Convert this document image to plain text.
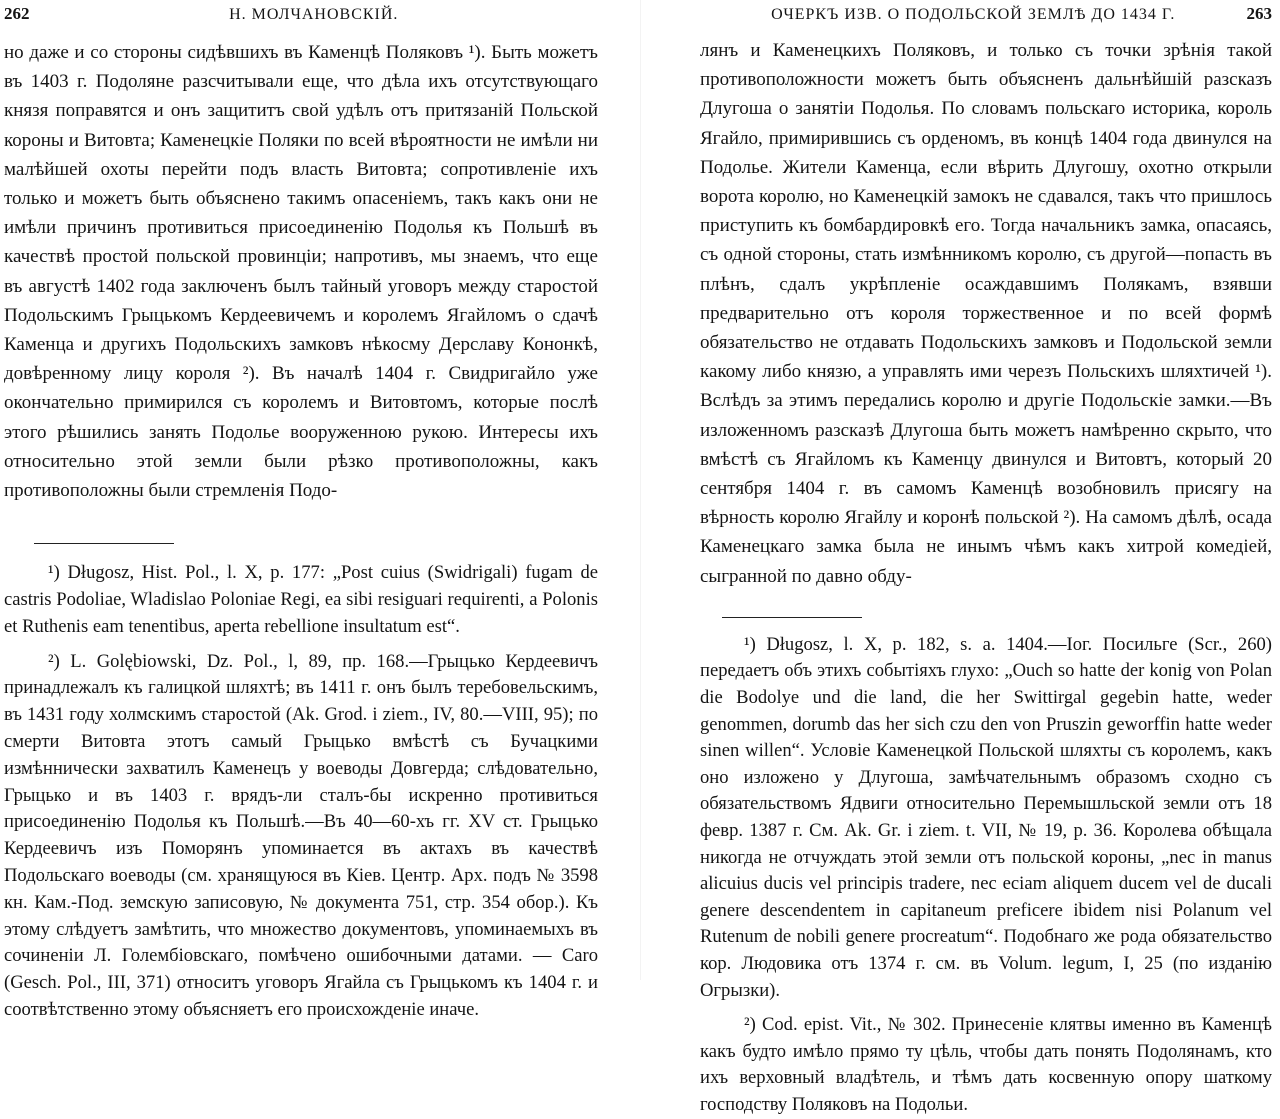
262	Н. МОЛЧАНОВСКІЙ.

но даже и со стороны сидѣвшихъ въ Каменцѣ Поляковъ ¹). Быть можетъ въ 1403 г. Подоляне разсчитывали еще, что дѣла ихъ отсутствующаго князя поправятся и онъ защититъ свой удѣлъ отъ притязаній Польской короны и Витовта; Каменецкіе Поляки по всей вѣроятности не имѣли ни малѣйшей охоты перейти подъ власть Витовта; сопротивленіе ихъ только и можетъ быть объяснено такимъ опасеніемъ, такъ какъ они не имѣли причинъ противиться присоединенію Подолья къ Польшѣ въ качествѣ простой польской провинціи; напротивъ, мы знаемъ, что еще въ августѣ 1402 года заключенъ былъ тайный уговоръ между старостой Подольскимъ Грыцькомъ Кердеевичемъ и королемъ Ягайломъ о сдачѣ Каменца и другихъ Подольскихъ замковъ нѣкосму Дерславу Кононкѣ, довѣренному лицу короля ²). Въ началѣ 1404 г. Свидригайло уже окончательно примирился съ королемъ и Витовтомъ, которые послѣ этого рѣшились занять Подолье вооруженною рукою. Интересы ихъ относительно этой земли были рѣзко противоположны, какъ противоположны были стремленія Подо-

¹) Długosz, Hist. Pol., l. X, p. 177: „Post cuius (Swidrigali) fugam de castris Podoliae, Wladislao Poloniae Regi, ea sibi resiguari requirenti, a Polonis et Ruthenis eam tenentibus, aperta rebellione insultatum est“.

²) L. Golębiowski, Dz. Pol., l, 89, пр. 168.—Грыцько Кердеевичъ принадлежалъ къ галицкой шляхтѣ; въ 1411 г. онъ былъ теребовельскимъ, въ 1431 году холмскимъ старостой (Ak. Grod. i ziem., IV, 80.—VIII, 95); по смерти Витовта этотъ самый Грыцько вмѣстѣ съ Бучацкими измѣннически захватилъ Каменецъ у воеводы Довгерда; слѣдовательно, Грыцько и въ 1403 г. врядъ-ли сталъ-бы искренно противиться присоединенію Подолья къ Польшѣ.—Въ 40—60-хъ гг. XV ст. Грыцько Кердеевичъ изъ Поморянъ упоминается въ актахъ въ качествѣ Подольскаго воеводы (см. хранящуюся въ Кіев. Центр. Арх. подъ № 3598 кн. Кам.-Под. земскую записовую, № документа 751, стр. 354 обор.). Къ этому слѣдуетъ замѣтить, что множество документовъ, упоминаемыхъ въ сочиненіи Л. Голембіовскаго, помѣчено ошибочными датами. — Caro (Gesch. Pol., III, 371) относитъ уговоръ Ягайла съ Грыцькомъ къ 1404 г. и соотвѣтственно этому объясняетъ его происхожденіе иначе.

ОЧЕРКЪ ИЗВ. О ПОДОЛЬСКОЙ ЗЕМЛѢ ДО 1434 Г.	263

лянъ и Каменецкихъ Поляковъ, и только съ точки зрѣнія такой противоположности можетъ быть объясненъ дальнѣйшій разсказъ Длугоша о занятіи Подолья. По словамъ польскаго историка, король Ягайло, примирившись съ орденомъ, въ концѣ 1404 года двинулся на Подолье. Жители Каменца, если вѣрить Длугошу, охотно открыли ворота королю, но Каменецкій замокъ не сдавался, такъ что пришлось приступить къ бомбардировкѣ его. Тогда начальникъ замка, опасаясь, съ одной стороны, стать измѣнникомъ королю, съ другой—попасть въ плѣнъ, сдалъ укрѣпленіе осаждавшимъ Полякамъ, взявши предварительно отъ короля торжественное и по всей формѣ обязательство не отдавать Подольскихъ замковъ и Подольской земли какому либо князю, а управлять ими черезъ Польскихъ шляхтичей ¹). Вслѣдъ за этимъ передались королю и другіе Подольскіе замки.—Въ изложенномъ разсказѣ Длугоша быть можетъ намѣренно скрыто, что вмѣстѣ съ Ягайломъ къ Каменцу двинулся и Витовтъ, который 20 сентября 1404 г. въ самомъ Каменцѣ возобновилъ присягу на вѣрность королю Ягайлу и коронѣ польской ²). На самомъ дѣлѣ, осада Каменецкаго замка была не инымъ чѣмъ какъ хитрой комедіей, сыгранной по давно обду-

¹) Długosz, l. X, p. 182, s. a. 1404.—Іог. Посильге (Scr., 260) передаетъ объ этихъ событіяхъ глухо: „Ouch so hatte der konig von Polan die Bodolye und die land, die her Swittirgal gegebin hatte, weder genommen, dorumb das her sich czu den von Pruszin geworffin hatte weder sinen willen“. Условіе Каменецкой Польской шляхты съ королемъ, какъ оно изложено у Длугоша, замѣчательнымъ образомъ сходно съ обязательствомъ Ядвиги относительно Перемышльской земли отъ 18 февр. 1387 г. См. Ak. Gr. i ziem. t. VII, № 19, p. 36. Королева обѣщала никогда не отчуждать этой земли отъ польской короны, „nec in manus alicuius ducis vel principis tradere, nec eciam aliquem ducem vel de ducali genere descendentem in capitaneum preficere ibidem nisi Polanum vel Rutenum de nobili genere procreatum“. Подобнаго же рода обязательство кор. Людовика отъ 1374 г. см. въ Volum. legum, I, 25 (по изданію Огрызки).

²) Cod. epist. Vit., № 302. Принесеніе клятвы именно въ Каменцѣ какъ будто имѣло прямо ту цѣль, чтобы дать понять Подолянамъ, кто ихъ верховный владѣтель, и тѣмъ дать косвенную опору шаткому господству Поляковъ на Подольи.
